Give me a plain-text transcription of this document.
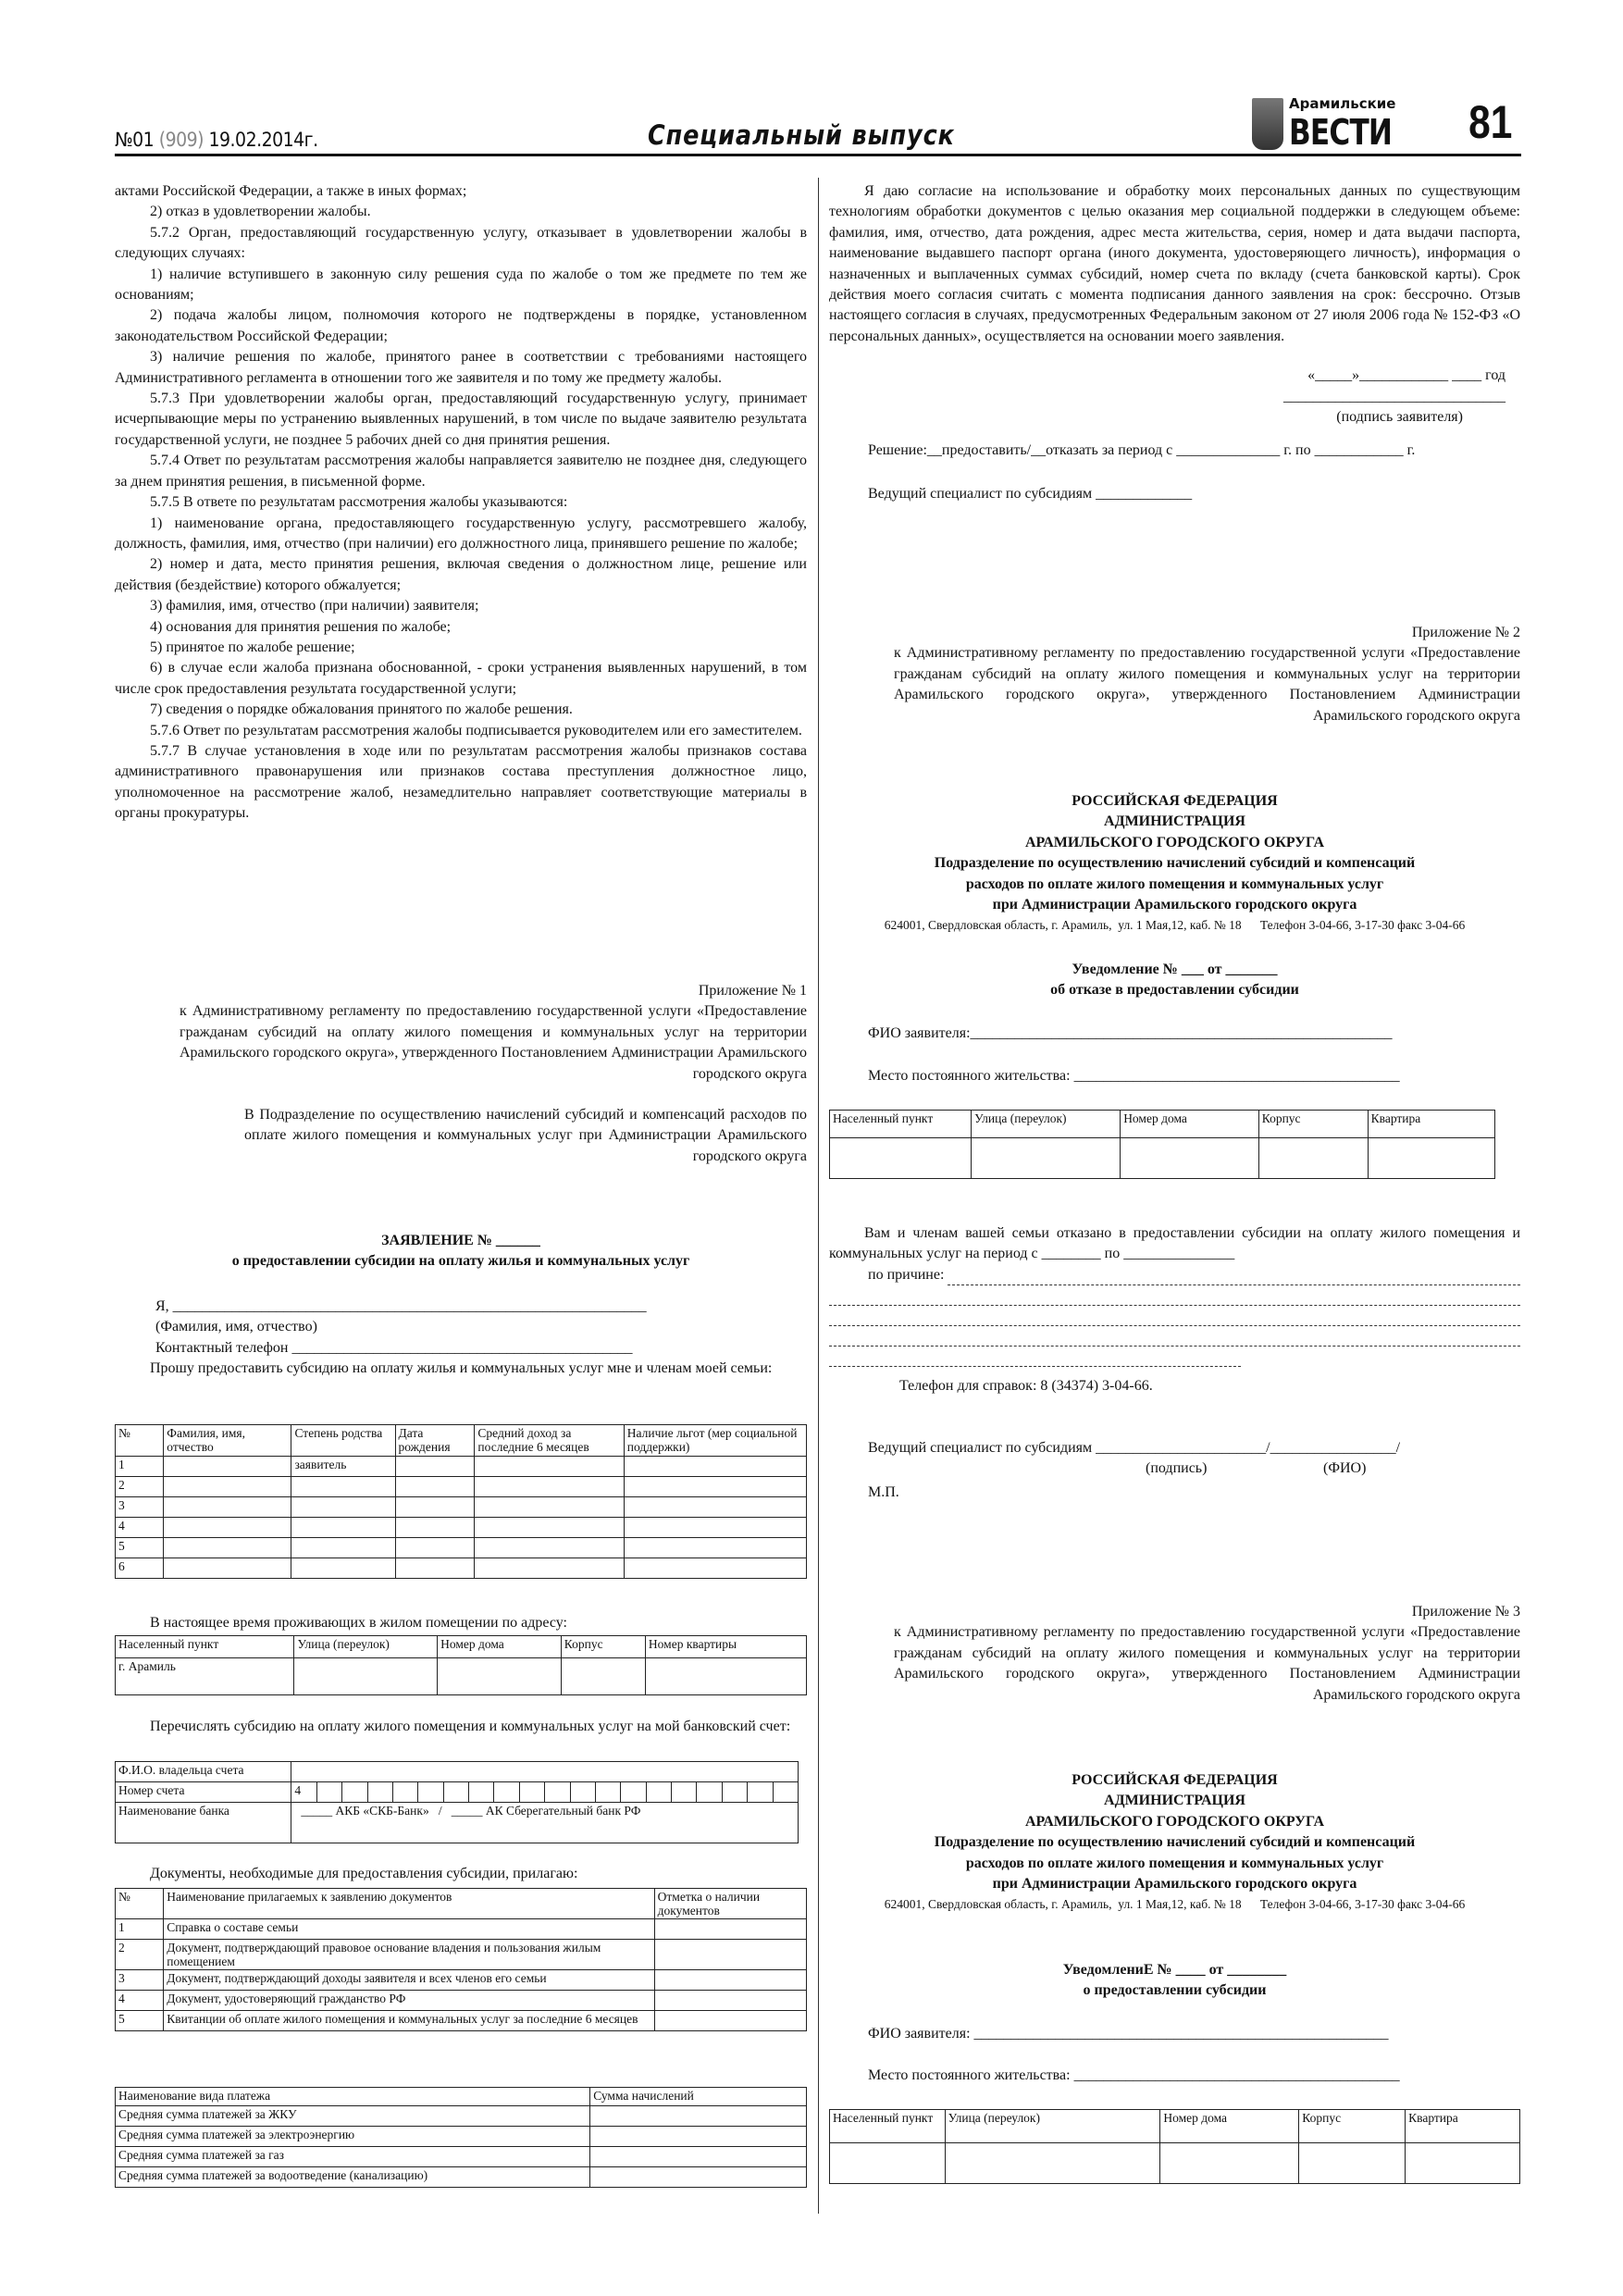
№01 (909) 19.02.2014г.	Специальный выпуск
Арамильские
ВЕСТИ 81

актами Российской Федерации, а также в иных формах;

2) отказ в удовлетворении жалобы.

5.7.2 Орган, предоставляющий государственную услугу, отказывает в удовлетворении жалобы в следующих случаях:

1) наличие вступившего в законную силу решения суда по жалобе о том же предмете по тем же основаниям;

2) подача жалобы лицом, полномочия которого не подтверждены в порядке, установленном законодательством Российской Федерации;

3) наличие решения по жалобе, принятого ранее в соответствии с требованиями настоящего Административного регламента в отношении того же заявителя и по тому же предмету жалобы.

5.7.3 При удовлетворении жалобы орган, предоставляющий государственную услугу, принимает исчерпывающие меры по устранению выявленных нарушений, в том числе по выдаче заявителю результата государственной услуги, не позднее 5 рабочих дней со дня принятия решения.

5.7.4 Ответ по результатам рассмотрения жалобы направляется заявителю не позднее дня, следующего за днем принятия решения, в письменной форме.

5.7.5 В ответе по результатам рассмотрения жалобы указываются:

1) наименование органа, предоставляющего государственную услугу, рассмотревшего жалобу, должность, фамилия, имя, отчество (при наличии) его должностного лица, принявшего решение по жалобе;

2) номер и дата, место принятия решения, включая сведения о должностном лице, решение или действия (бездействие) которого обжалуется;

3) фамилия, имя, отчество (при наличии) заявителя;

4) основания для принятия решения по жалобе;

5) принятое по жалобе решение;

6) в случае если жалоба признана обоснованной, - сроки устранения выявленных нарушений, в том числе срок предоставления результата государственной услуги;

7) сведения о порядке обжалования принятого по жалобе решения.

5.7.6 Ответ по результатам рассмотрения жалобы подписывается руководителем или его заместителем.

5.7.7 В случае установления в ходе или по результатам рассмотрения жалобы признаков состава административного правонарушения или признаков состава преступления должностное лицо, уполномоченное на рассмотрение жалоб, незамедлительно направляет соответствующие материалы в органы прокуратуры.

Приложение № 1
к Административному регламенту по предоставлению государственной услуги «Предоставление гражданам субсидий на оплату жилого помещения и коммунальных услуг на территории Арамильского городского округа», утвержденного Постановлением Администрации Арамильского городского округа
В Подразделение по осуществлению начислений субсидий и компенсаций расходов по оплате жилого помещения и коммунальных услуг при Администрации Арамильского городского округа
ЗАЯВЛЕНИЕ № ______
о предоставлении субсидии на оплату жилья и коммунальных услуг
Я, ________________________________________________________________
(Фамилия, имя, отчество)
Контактный телефон ______________________________________________

Прошу предоставить субсидию на оплату жилья и коммунальных услуг мне и членам моей семьи:

№	Фамилия, имя, отчество	Степень родства	Дата рождения	Средний доход за последние 6 месяцев	Наличие льгот (мер социальной поддержки)
1		заявитель			
2					
3					
4					
5					
6					

В настоящее время проживающих в жилом помещении по адресу:

Населенный пункт	Улица (переулок)	Номер дома	Корпус	Номер квартиры
г. Арамиль				

Перечислять субсидию на оплату жилого помещения и коммунальных услуг на мой банковский счет:

Ф.И.О. владельца счета																				
Номер счета	4																			
Наименование банка	_____ АКБ «СКБ-Банк»   /   _____ АК Сберегательный банк РФ																			

Документы, необходимые для предоставления субсидии, прилагаю:

№	Наименование прилагаемых к заявлению документов	Отметка о наличии документов
1	Справка о составе семьи	
2	Документ, подтверждающий правовое основание владения и пользования жилым помещением	
3	Документ, подтверждающий доходы заявителя и всех членов его семьи	
4	Документ, удостоверяющий гражданство РФ	
5	Квитанции об оплате жилого помещения и коммунальных услуг за последние 6 месяцев	
Наименование вида платежа	Сумма начислений
Средняя сумма платежей за ЖКУ	
Средняя сумма платежей за электроэнергию	
Средняя сумма платежей за газ	
Средняя сумма платежей за водоотведение (канализацию)	

Я даю согласие на использование и обработку моих персональных данных по существующим технологиям обработки документов с целью оказания мер социальной поддержки в следующем объеме: фамилия, имя, отчество, дата рождения, адрес места жительства, серия, номер и дата выдачи паспорта, наименование выдавшего паспорт органа (иного документа, удостоверяющего личность), информация о назначенных и выплаченных суммах субсидий, номер счета по вкладу (счета банковской карты). Срок действия моего согласия считать с момента подписания данного заявления на срок: бессрочно. Отзыв настоящего согласия в случаях, предусмотренных Федеральным законом от 27 июля 2006 года № 152-ФЗ «О персональных данных», осуществляется на основании моего заявления.

«_____»____________ ____ год
______________________________
(подпись заявителя)
Решение:__предоставить/__отказать за период с ______________ г. по ____________ г.
Ведущий специалист по субсидиям _____________
Приложение № 2
к Административному регламенту по предоставлению государственной услуги «Предоставление гражданам субсидий на оплату жилого помещения и коммунальных услуг на территории Арамильского городского округа», утвержденного Постановлением Администрации Арамильского городского округа
РОССИЙСКАЯ ФЕДЕРАЦИЯ
АДМИНИСТРАЦИЯ
АРАМИЛЬСКОГО ГОРОДСКОГО ОКРУГА
Подразделение по осуществлению начислений субсидий и компенсаций
расходов по оплате жилого помещения и коммунальных услуг
при Администрации Арамильского городского округа
624001, Свердловская область, г. Арамиль,  ул. 1 Мая,12, каб. № 18      Телефон 3-04-66, 3-17-30 факс 3-04-66
Уведомление № ___ от _______
об отказе в предоставлении субсидии
ФИО заявителя:_________________________________________________________
Место постоянного жительства: ____________________________________________
Населенный пункт	Улица (переулок)	Номер дома	Корпус	Квартира

Вам и членам вашей семьи отказано в предоставлении субсидии на оплату жилого помещения и коммунальных услуг на период с ________ по _______________

по причине:
Телефон для справок: 8 (34374) 3-04-66.
Ведущий специалист по субсидиям _______________________/_________________/
(подпись)	(ФИО)
М.П.
Приложение № 3
к Административному регламенту по предоставлению государственной услуги «Предоставление гражданам субсидий на оплату жилого помещения и коммунальных услуг на территории Арамильского городского округа», утвержденного Постановлением Администрации Арамильского городского округа
РОССИЙСКАЯ ФЕДЕРАЦИЯ
АДМИНИСТРАЦИЯ
АРАМИЛЬСКОГО ГОРОДСКОГО ОКРУГА
Подразделение по осуществлению начислений субсидий и компенсаций
расходов по оплате жилого помещения и коммунальных услуг
при Администрации Арамильского городского округа
624001, Свердловская область, г. Арамиль,  ул. 1 Мая,12, каб. № 18      Телефон 3-04-66, 3-17-30 факс 3-04-66
УведомлениЕ № ____ от ________
о предоставлении субсидии
ФИО заявителя: ________________________________________________________
Место постоянного жительства: ____________________________________________
Населенный пункт	Улица (переулок)	Номер дома	Корпус	Квартира
